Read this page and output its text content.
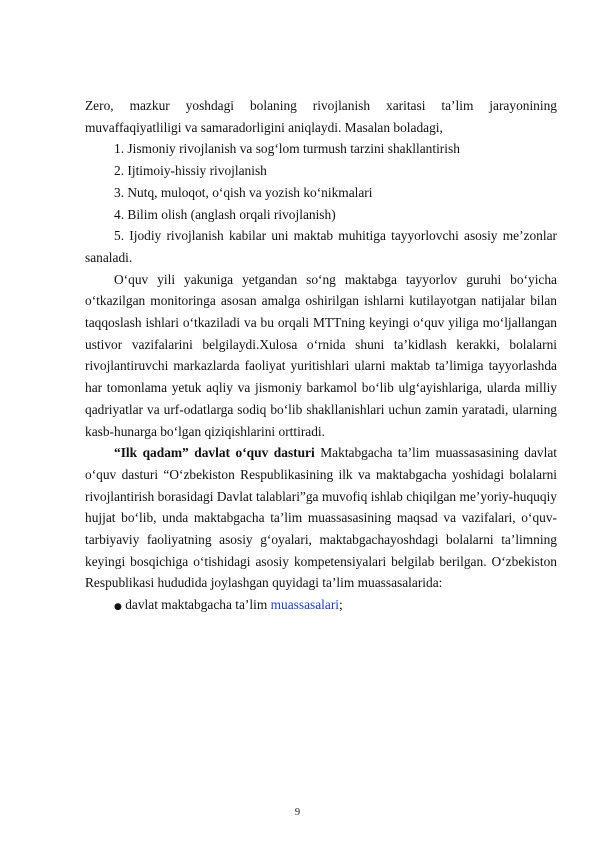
Zero, mazkur yoshdagi bolaning rivojlanish xaritasi ta’lim jarayonining muvaffaqiyatliligi va samaradorligini aniqlaydi. Masalan boladagi,

1. Jismoniy rivojlanish va sog‘lom turmush tarzini shakllantirish

2. Ijtimoiy-hissiy rivojlanish

3. Nutq, muloqot, o‘qish va yozish ko‘nikmalari

4. Bilim olish (anglash orqali rivojlanish)

5. Ijodiy rivojlanish kabilar uni maktab muhitiga tayyorlovchi asosiy me’zonlar sanaladi.

O‘quv yili yakuniga yetgandan so‘ng maktabga tayyorlov guruhi bo‘yicha o‘tkazilgan monitoringa asosan amalga oshirilgan ishlarni kutilayotgan natijalar bilan taqqoslash ishlari o‘tkaziladi va bu orqali MTTning keyingi o‘quv yiliga mo‘ljallangan ustivor vazifalarini belgilaydi.Xulosa o‘rnida shuni ta’kidlash kerakki, bolalarni rivojlantiruvchi markazlarda faoliyat yuritishlari ularni maktab ta’limiga tayyorlashda har tomonlama yetuk aqliy va jismoniy barkamol bo‘lib ulg‘ayishlariga, ularda milliy qadriyatlar va urf-odatlarga sodiq bo‘lib shakllanishlari uchun zamin yaratadi, ularning kasb-hunarga bo‘lgan qiziqishlarini orttiradi.

“Ilk qadam” davlat o‘quv dasturi Maktabgacha ta’lim muassasasining davlat o‘quv dasturi “O‘zbekiston Respublikasining ilk va maktabgacha yoshidagi bolalarni rivojlantirish borasidagi Davlat talablari”ga muvofiq ishlab chiqilgan me’yoriy-huquqiy hujjat bo‘lib, unda maktabgacha ta’lim muassasasining maqsad va vazifalari, o‘quv-tarbiyaviy faoliyatning asosiy g‘oyalari, maktabgachayoshdagi bolalarni ta’limning keyingi bosqichiga o‘tishidagi asosiy kompetensiyalari belgilab berilgan. O‘zbekiston Respublikasi hududida joylashgan quyidagi ta’lim muassasalarida:

● davlat maktabgacha ta’lim muassasalari;

9
